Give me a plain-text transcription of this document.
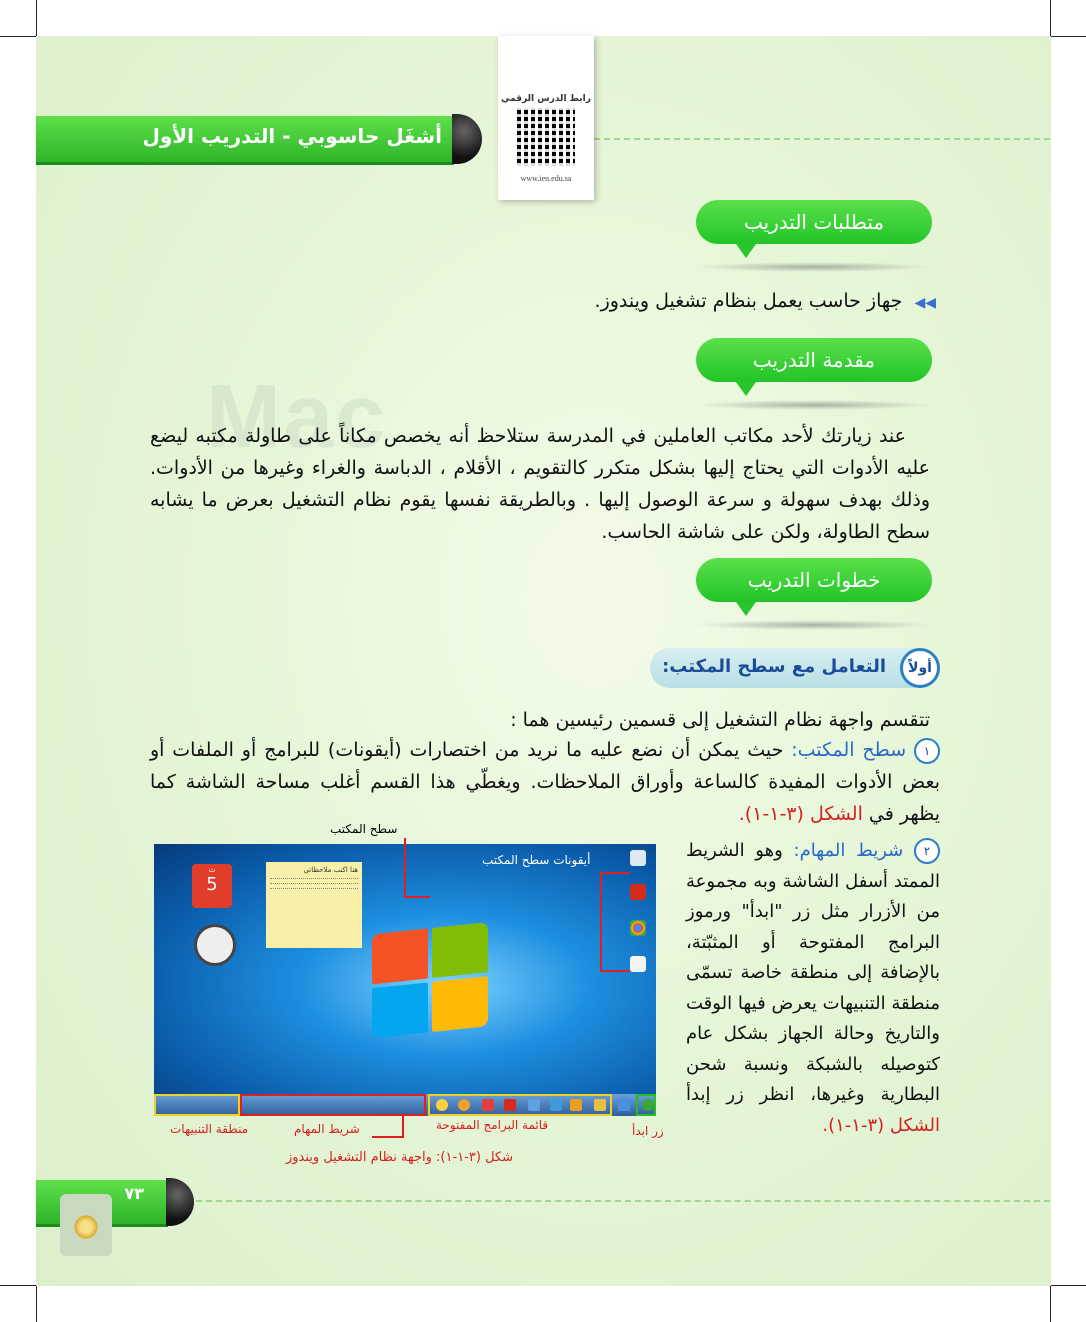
Mac
أشغَل حاسوبي - التدريب الأول
رابط الدرس الرقمي
www.ien.edu.sa
متطلبات التدريب
◀◀ جهاز حاسب يعمل بنظام تشغيل ويندوز.
مقدمة التدريب
عند زيارتك لأحد مكاتب العاملين في المدرسة ستلاحظ أنه يخصص مكاناً على طاولة مكتبه ليضع عليه الأدوات التي يحتاج إليها بشكل متكرر كالتقويم ، الأقلام ، الدباسة والغراء وغيرها من الأدوات. وذلك بهدف سهولة و سرعة الوصول إليها . وبالطريقة نفسها يقوم نظام التشغيل بعرض ما يشابه سطح الطاولة، ولكن على شاشة الحاسب.
خطوات التدريب
أولاً
التعامل مع سطح المكتب:
تتقسم واجهة نظام التشغيل إلى قسمين رئيسين هما :
١ سطح المكتب: حيث يمكن أن نضع عليه ما نريد من اختصارات (أيقونات) للبرامج أو الملفات أو بعض الأدوات المفيدة كالساعة وأوراق الملاحظات. ويغطّي هذا القسم أغلب مساحة الشاشة كما يظهر في الشكل (٣-١-١).
٢ شريط المهام: وهو الشريط الممتد أسفل الشاشة وبه مجموعة من الأزرار مثل زر "ابدأ" ورموز البرامج المفتوحة أو المثبّتة، بالإضافة إلى منطقة خاصة تسمّى منطقة التنبيهات يعرض فيها الوقت والتاريخ وحالة الجهاز بشكل عام كتوصيله بالشبكة ونسبة شحن البطارية وغيرها، انظر زر إبدأ الشكل (٣-١-١).
ث
5
هنا اكتب ملاحظاتي
سطح المكتب
أيقونات سطح المكتب
منطقة التنبيهات	شريط المهام	قائمة البرامج المفتوحة	زر ابدأ
شكل (٣-١-١): واجهة نظام التشغيل ويندوز
٧٣
